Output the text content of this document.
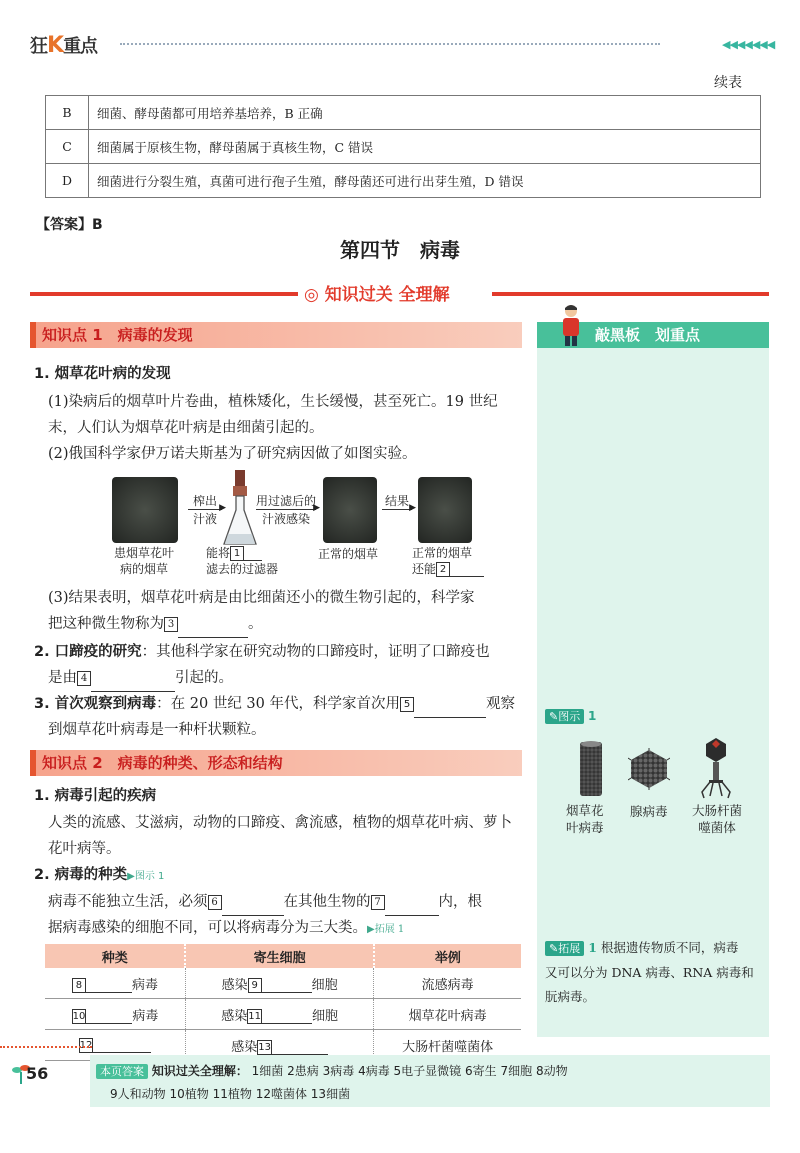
狂K重点	◀◀◀◀◀◀◀
续表
B	细菌、酵母菌都可用培养基培养，B 正确
C	细菌属于原核生物，酵母菌属于真核生物，C 错误
D	细菌进行分裂生殖，真菌可进行孢子生殖，酵母菌还可进行出芽生殖，D 错误
【答案】B
第四节　病毒
◎ 知识过关 全理解
敲黑板　划重点
知识点 1　病毒的发现
1. 烟草花叶病的发现
(1)染病后的烟草叶片卷曲，植株矮化，生长缓慢，甚至死亡。19 世纪
末，人们认为烟草花叶病是由细菌引起的。
(2)俄国科学家伊万诺夫斯基为了研究病因做了如图实验。
榨出 ▶
汁液
用过滤后的
▶
汁液感染
结果 ▶
患烟草花叶
病的烟草
能将 1
滤去的过滤器
正常的烟草	正常的烟草
还能 2
(3)结果表明，烟草花叶病是由比细菌还小的微生物引起的，科学家
把这种微生物称为 3	。
2. 口蹄疫的研究：其他科学家在研究动物的口蹄疫时，证明了口蹄疫也
是由 4	引起的。
3. 首次观察到病毒：在 20 世纪 30 年代，科学家首次用 5	观察
到烟草花叶病毒是一种杆状颗粒。
知识点 2　病毒的种类、形态和结构
1. 病毒引起的疾病
人类的流感、艾滋病，动物的口蹄疫、禽流感，植物的烟草花叶病、萝卜
花叶病等。
2. 病毒的种类▶图示 1
病毒不能独立生活，必须 6	在其他生物的 7	内，根
据病毒感染的细胞不同，可以将病毒分为三大类。▶拓展 1
种类	寄生细胞	举例
8 病毒	感染 9 细胞	流感病毒
10 病毒	感染11 细胞	烟草花叶病毒
12	感染13	大肠杆菌噬菌体
✎图示 1
烟草花
叶病毒
腺病毒 大肠杆菌
噬菌体
✎拓展 1 根据遗传物质不同，病毒
又可以分为 DNA 病毒、RNA 病毒和
朊病毒。
56	本页答案 知识过关全理解： 1细菌 2患病 3病毒 4病毒 5电子显微镜 6寄生 7细胞 8动物
9人和动物 10植物 11植物 12噬菌体 13细菌
